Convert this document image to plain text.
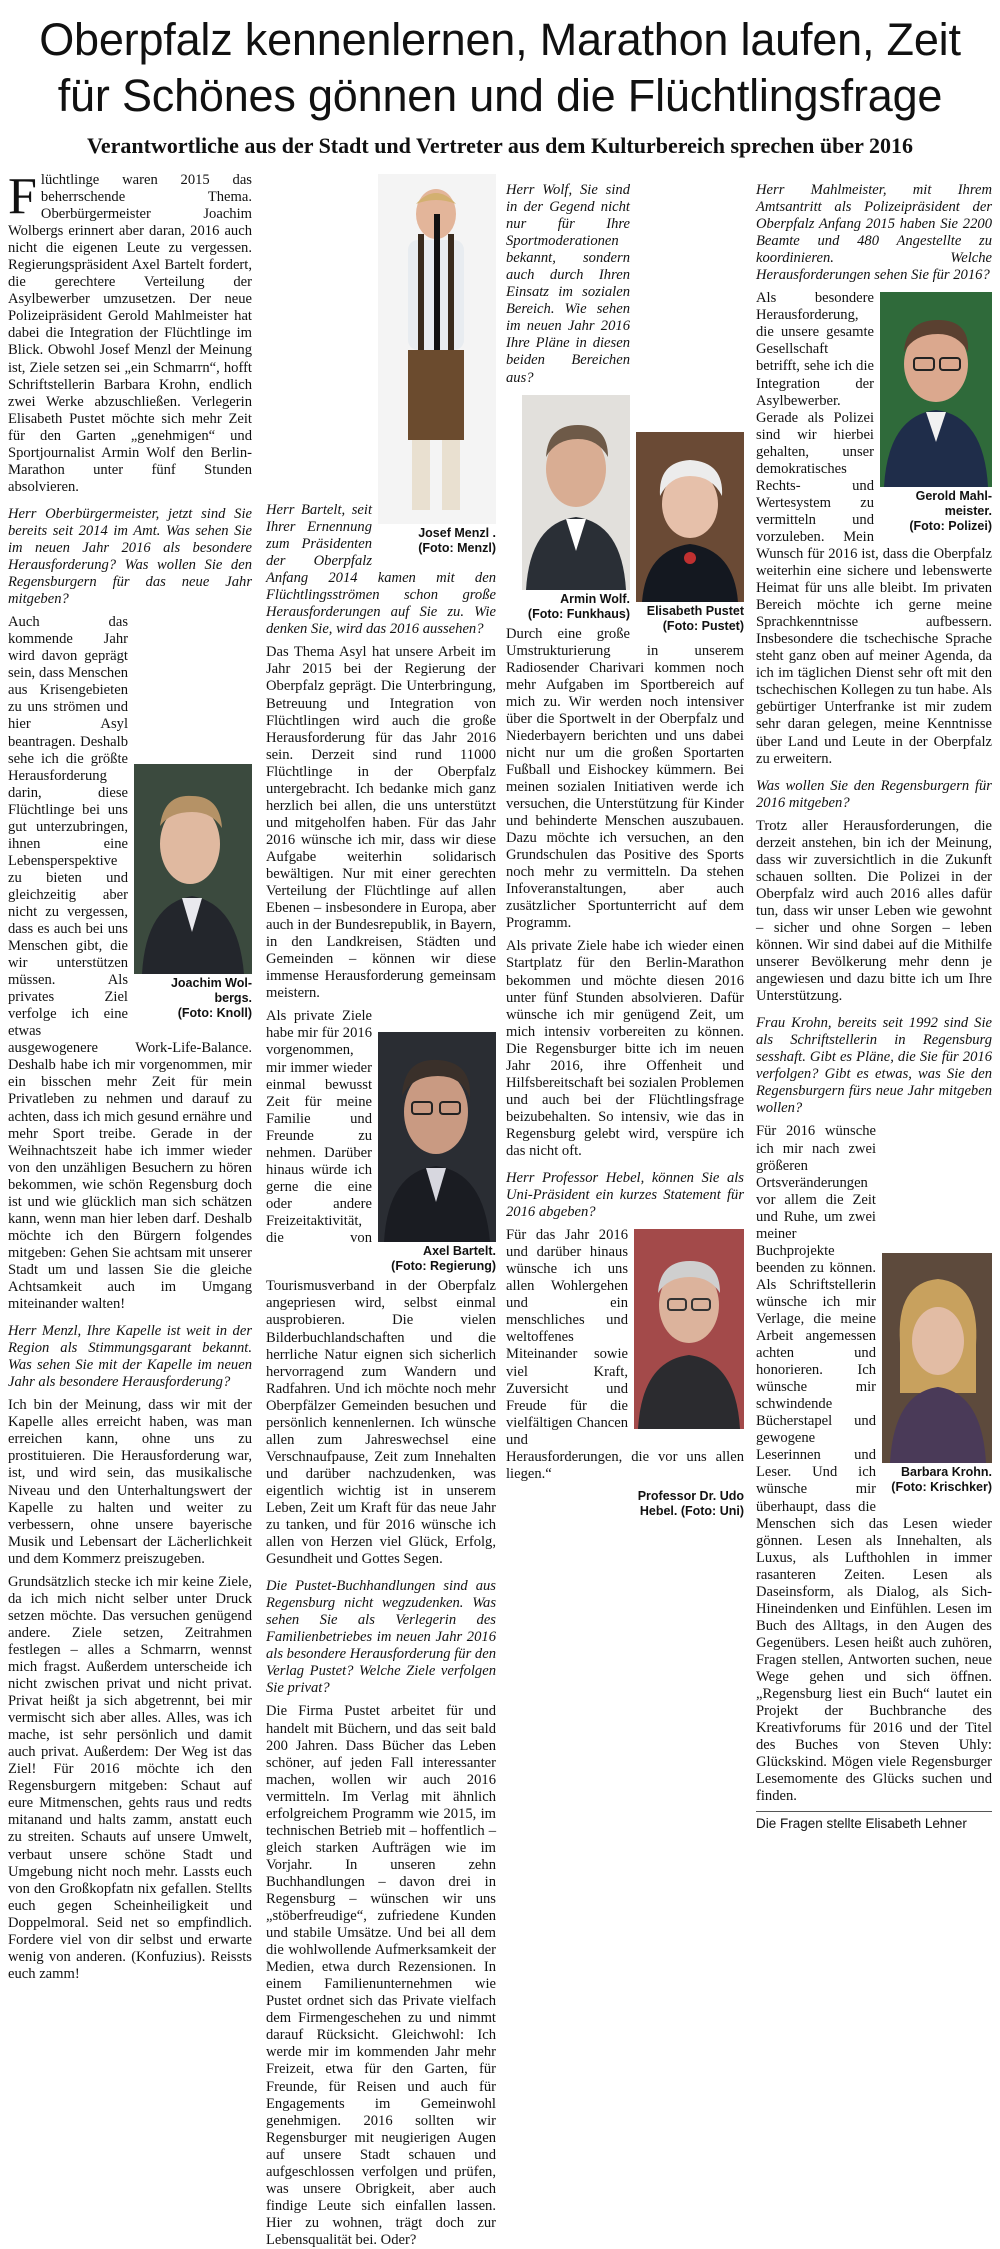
Oberpfalz kennenlernen, Marathon laufen, Zeit
für Schönes gönnen und die Flüchtlingsfrage
Verantwortliche aus der Stadt und Vertreter aus dem Kulturbereich sprechen über 2016

Flüchtlinge waren 2015 das beherrschende Thema. Oberbürgermeister Joachim Wolbergs erinnert aber daran, 2016 auch nicht die eigenen Leute zu vergessen. Regierungspräsident Axel Bartelt fordert, die gerechtere Verteilung der Asylbewerber umzusetzen. Der neue Polizeipräsident Gerold Mahlmeister hat dabei die Integration der Flüchtlinge im Blick. Obwohl Josef Menzl der Meinung ist, Ziele setzen sei „ein Schmarrn“, hofft Schriftstellerin Barbara Krohn, endlich zwei Werke abzuschließen. Verlegerin Elisabeth Pustet möchte sich mehr Zeit für den Garten „genehmigen“ und Sportjournalist Armin Wolf den Berlin-Marathon unter fünf Stunden absolvieren.

Herr Oberbürgermeister, jetzt sind Sie bereits seit 2014 im Amt. Was sehen Sie im neuen Jahr 2016 als besondere Herausforderung? Was wollen Sie den Regensburgern für das neue Jahr mitgeben?

Joachim Wol-
bergs.
(Foto: Knoll)

Auch das kommende Jahr wird davon geprägt sein, dass Menschen aus Krisengebieten zu uns strömen und hier Asyl beantragen. Deshalb sehe ich die größte Herausforderung darin, diese Flüchtlinge bei uns gut unterzubringen, ihnen eine Lebensperspektive zu bieten und gleichzeitig aber nicht zu vergessen, dass es auch bei uns Menschen gibt, die wir unterstützen müssen. Als privates Ziel verfolge ich eine etwas ausgewogenere Work-Life-Balance. Deshalb habe ich mir vorgenommen, mir ein bisschen mehr Zeit für mein Privatleben zu nehmen und darauf zu achten, dass ich mich gesund ernähre und mehr Sport treibe. Gerade in der Weihnachtszeit habe ich immer wieder von den unzähligen Besuchern zu hören bekommen, wie schön Regensburg doch ist und wie glücklich man sich schätzen kann, wenn man hier leben darf. Deshalb möchte ich den Bürgern folgendes mitgeben: Gehen Sie achtsam mit unserer Stadt um und lassen Sie die gleiche Achtsamkeit auch im Umgang miteinander walten!

Herr Menzl, Ihre Kapelle ist weit in der Region als Stimmungsgarant bekannt. Was sehen Sie mit der Kapelle im neuen Jahr als besondere Herausforderung?

Ich bin der Meinung, dass wir mit der Kapelle alles erreicht haben, was man erreichen kann, ohne uns zu prostituieren. Die Herausforderung war, ist, und wird sein, das musikalische Niveau und den Unterhaltungswert der Kapelle zu halten und weiter zu verbessern, ohne unsere bayerische Musik und Lebensart der Lächerlichkeit und dem Kommerz preiszugeben.

Grundsätzlich stecke ich mir keine Ziele, da ich mich nicht selber unter Druck setzen möchte. Das versuchen genügend andere. Ziele setzen, Zeitrahmen festlegen – alles a Schmarrn, wennst mich fragst. Außerdem unterscheide ich nicht zwischen privat und nicht privat. Privat heißt ja sich abgetrennt, bei mir vermischt sich aber alles. Alles, was ich mache, ist sehr persönlich und damit auch privat. Außerdem: Der Weg ist das Ziel! Für 2016 möchte ich den Regensburgern mitgeben: Schaut auf eure Mitmenschen, gehts raus und redts mitanand und halts zamm, anstatt euch zu streiten. Schauts auf unsere Umwelt, verbaut unsere schöne Stadt und Umgebung nicht noch mehr. Lassts euch von den Großkopfatn nix gefallen. Stellts euch gegen Scheinheiligkeit und Doppelmoral. Seid net so empfindlich. Fordere viel von dir selbst und erwarte wenig von anderen. (Konfuzius). Reissts euch zamm!

Josef Menzl .
(Foto: Menzl)

Herr Bartelt, seit Ihrer Ernennung zum Präsidenten der Oberpfalz Anfang 2014 kamen mit den Flüchtlingsströmen schon große Herausforderungen auf Sie zu. Wie denken Sie, wird das 2016 aussehen?

Das Thema Asyl hat unsere Arbeit im Jahr 2015 bei der Regierung der Oberpfalz geprägt. Die Unterbringung, Betreuung und Integration von Flüchtlingen wird auch die große Herausforderung für das Jahr 2016 sein. Derzeit sind rund 11000 Flüchtlinge in der Oberpfalz untergebracht. Ich bedanke mich ganz herzlich bei allen, die uns unterstützt und mitgeholfen haben. Für das Jahr 2016 wünsche ich mir, dass wir diese Aufgabe weiterhin solidarisch bewältigen. Nur mit einer gerechten Verteilung der Flüchtlinge auf allen Ebenen – insbesondere in Europa, aber auch in der Bundesrepublik, in Bayern, in den Landkreisen, Städten und Gemeinden – können wir diese immense Herausforderung gemeinsam meistern.

Axel Bartelt.
(Foto: Regierung)

Als private Ziele habe mir für 2016 vorgenommen, mir immer wieder einmal bewusst Zeit für meine Familie und Freunde zu nehmen. Darüber hinaus würde ich gerne die eine oder andere Freizeitaktivität, die von Tourismusverband in der Oberpfalz angepriesen wird, selbst einmal ausprobieren. Die vielen Bilderbuchlandschaften und die herrliche Natur eignen sich sicherlich hervorragend zum Wandern und Radfahren. Und ich möchte noch mehr Oberpfälzer Gemeinden besuchen und persönlich kennenlernen. Ich wünsche allen zum Jahreswechsel eine Verschnaufpause, Zeit zum Innehalten und darüber nachzudenken, was eigentlich wichtig ist in unserem Leben, Zeit um Kraft für das neue Jahr zu tanken, und für 2016 wünsche ich allen von Herzen viel Glück, Erfolg, Gesundheit und Gottes Segen.

Die Pustet-Buchhandlungen sind aus Regensburg nicht wegzudenken. Was sehen Sie als Verlegerin des Familienbetriebes im neuen Jahr 2016 als besondere Herausforderung für den Verlag Pustet? Welche Ziele verfolgen Sie privat?

Die Firma Pustet arbeitet für und handelt mit Büchern, und das seit bald 200 Jahren. Dass Bücher das Leben schöner, auf jeden Fall interessanter machen, wollen wir auch 2016 vermitteln. Im Verlag mit ähnlich erfolgreichem Programm wie 2015, im technischen Betrieb mit – hoffentlich – gleich starken Aufträgen wie im Vorjahr. In unseren zehn Buchhandlungen – davon drei in Regensburg – wünschen wir uns „stöberfreudige“, zufriedene Kunden und stabile Umsätze. Und bei all dem die wohlwollende Aufmerksamkeit der Medien, etwa durch Rezensionen. In einem Familienunternehmen wie Pustet ordnet sich das Private vielfach dem Firmengeschehen zu und nimmt darauf Rücksicht. Gleichwohl: Ich werde mir im kommenden Jahr mehr Freizeit, etwa für den Garten, für Freunde, für Reisen und auch für Engagements im Gemeinwohl genehmigen. 2016 sollten wir Regensburger mit neugierigen Augen auf unsere Stadt schauen und aufgeschlossen verfolgen und prüfen, was unsere Obrigkeit, aber auch findige Leute sich einfallen lassen. Hier zu wohnen, trägt doch zur Lebensqualität bei. Oder?

Elisabeth Pustet
(Foto: Pustet)

Herr Wolf, Sie sind in der Gegend nicht nur für Ihre Sportmoderationen bekannt, sondern auch durch Ihren Einsatz im sozialen Bereich. Wie sehen im neuen Jahr 2016 Ihre Pläne in diesen beiden Bereichen aus?

Armin Wolf.
(Foto: Funkhaus)

Durch eine große Umstrukturierung in unserem Radiosender Charivari kommen noch mehr Aufgaben im Sportbereich auf mich zu. Wir werden noch intensiver über die Sportwelt in der Oberpfalz und Niederbayern berichten und uns dabei nicht nur um die großen Sportarten Fußball und Eishockey kümmern. Bei meinen sozialen Initiativen werde ich versuchen, die Unterstützung für Kinder und behinderte Menschen auszubauen. Dazu möchte ich versuchen, an den Grundschulen das Positive des Sports noch mehr zu vermitteln. Da stehen Infoveranstaltungen, aber auch zusätzlicher Sportunterricht auf dem Programm.

Als private Ziele habe ich wieder einen Startplatz für den Berlin-Marathon bekommen und möchte diesen 2016 unter fünf Stunden absolvieren. Dafür wünsche ich mir genügend Zeit, um mich intensiv vorbereiten zu können. Die Regensburger bitte ich im neuen Jahr 2016, ihre Offenheit und Hilfsbereitschaft bei sozialen Problemen und auch bei der Flüchtlingsfrage beizubehalten. So intensiv, wie das in Regensburg gelebt wird, verspüre ich das nicht oft.

Herr Professor Hebel, können Sie als Uni-Präsident ein kurzes Statement für 2016 abgeben?

Für das Jahr 2016 und darüber hinaus wünsche ich uns allen Wohlergehen und ein menschliches und weltoffenes Miteinander sowie viel Kraft, Zuversicht und Freude für die vielfältigen Chancen und Herausforderungen, die vor uns allen liegen.“

Professor Dr. Udo
Hebel. (Foto: Uni)

Herr Mahlmeister, mit Ihrem Amtsantritt als Polizeipräsident der Oberpfalz Anfang 2015 haben Sie 2200 Beamte und 480 Angestellte zu koordinieren. Welche Herausforderungen sehen Sie für 2016?

Gerold Mahl-
meister.
(Foto: Polizei)

Als besondere Herausforderung, die unsere gesamte Gesellschaft betrifft, sehe ich die Integration der Asylbewerber. Gerade als Polizei sind wir hierbei gehalten, unser demokratisches Rechts- und Wertesystem zu vermitteln und vorzuleben. Mein Wunsch für 2016 ist, dass die Oberpfalz weiterhin eine sichere und lebenswerte Heimat für uns alle bleibt. Im privaten Bereich möchte ich gerne meine Sprachkenntnisse aufbessern. Insbesondere die tschechische Sprache steht ganz oben auf meiner Agenda, da ich im täglichen Dienst sehr oft mit den tschechischen Kollegen zu tun habe. Als gebürtiger Unterfranke ist mir zudem sehr daran gelegen, meine Kenntnisse über Land und Leute in der Oberpfalz zu erweitern.

Was wollen Sie den Regensburgern für 2016 mitgeben?

Trotz aller Herausforderungen, die derzeit anstehen, bin ich der Meinung, dass wir zuversichtlich in die Zukunft schauen sollten. Die Polizei in der Oberpfalz wird auch 2016 alles dafür tun, dass wir unser Leben wie gewohnt – sicher und ohne Sorgen – leben können. Wir sind dabei auf die Mithilfe unserer Bevölkerung mehr denn je angewiesen und dazu bitte ich um Ihre Unterstützung.

Frau Krohn, bereits seit 1992 sind Sie als Schriftstellerin in Regensburg sesshaft. Gibt es Pläne, die Sie für 2016 verfolgen? Gibt es etwas, was Sie den Regensburgern fürs neue Jahr mitgeben wollen?

Barbara Krohn.
(Foto: Krischker)

Für 2016 wünsche ich mir nach zwei größeren Ortsveränderungen vor allem die Zeit und Ruhe, um zwei meiner Buchprojekte beenden zu können. Als Schriftstellerin wünsche ich mir Verlage, die meine Arbeit angemessen achten und honorieren. Ich wünsche mir schwindende Bücherstapel und gewogene Leserinnen und Leser. Und ich wünsche mir überhaupt, dass die Menschen sich das Lesen wieder gönnen. Lesen als Innehalten, als Luxus, als Lufthohlen in immer rasanteren Zeiten. Lesen als Daseinsform, als Dialog, als Sich-Hineindenken und Einfühlen. Lesen im Buch des Alltags, in den Augen des Gegenübers. Lesen heißt auch zuhören, Fragen stellen, Antworten suchen, neue Wege gehen und sich öffnen. „Regensburg liest ein Buch“ lautet ein Projekt der Buchbranche des Kreativforums für 2016 und der Titel des Buches von Steven Uhly: Glückskind. Mögen viele Regensburger Lesemomente des Glücks suchen und finden.

Die Fragen stellte Elisabeth Lehner
